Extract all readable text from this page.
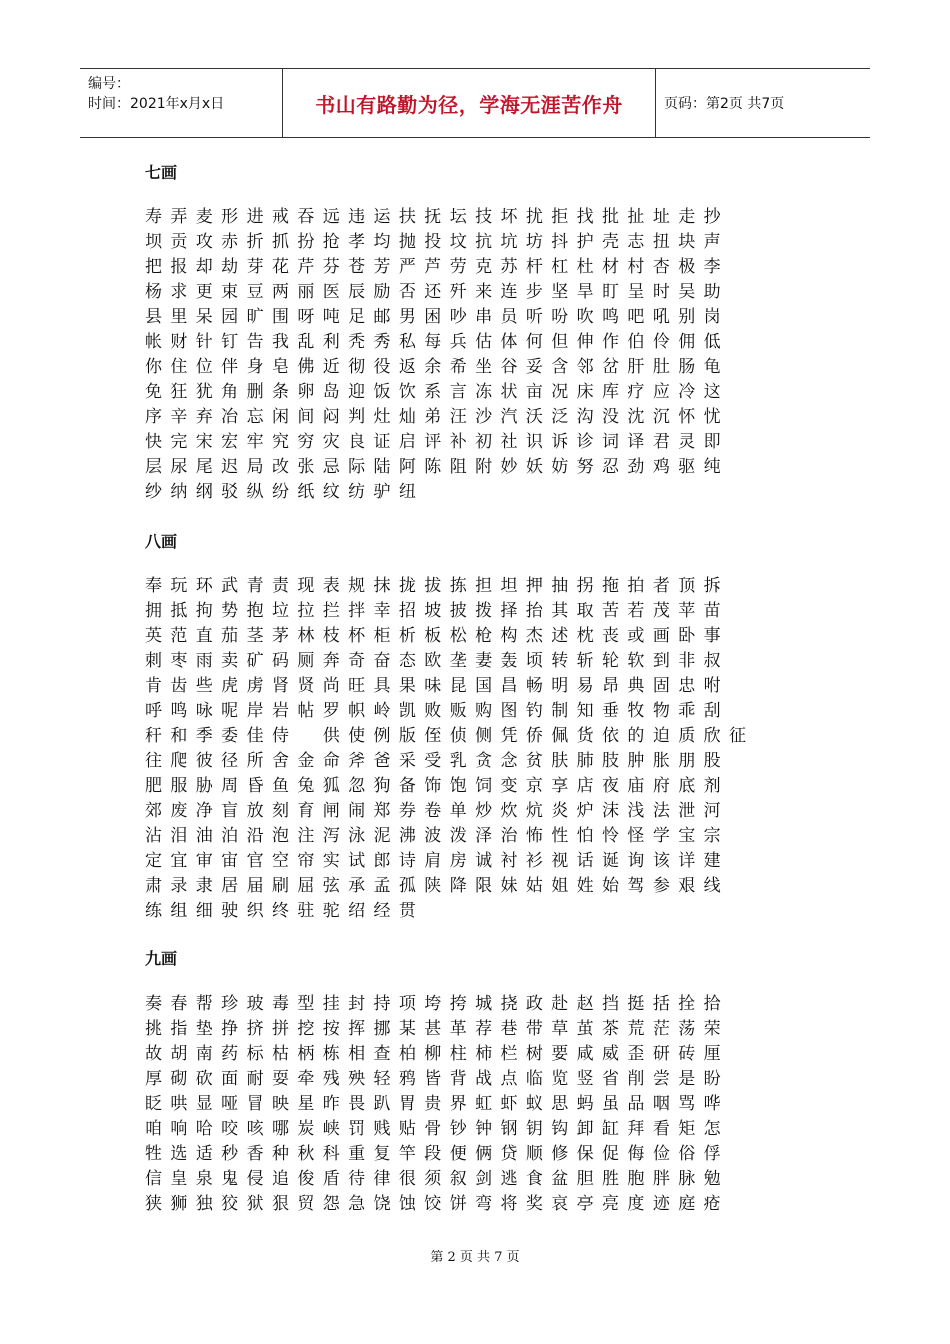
编号：
时间：2021年x月x日	书山有路勤为径，学海无涯苦作舟	页码：第2页 共7页
七画
寿 弄 麦 形 进 戒 吞 远 违 运 扶 抚 坛 技 坏 扰 拒 找 批 扯 址 走 抄
坝 贡 攻 赤 折 抓 扮 抢 孝 均 抛 投 坟 抗 坑 坊 抖 护 壳 志 扭 块 声
把 报 却 劫 芽 花 芹 芬 苍 芳 严 芦 劳 克 苏 杆 杠 杜 材 村 杏 极 李
杨 求 更 束 豆 两 丽 医 辰 励 否 还 歼 来 连 步 坚 旱 盯 呈 时 吴 助
县 里 呆 园 旷 围 呀 吨 足 邮 男 困 吵 串 员 听 吩 吹 鸣 吧 吼 别 岗
帐 财 针 钉 告 我 乱 利 秃 秀 私 每 兵 估 体 何 但 伸 作 伯 伶 佣 低
你 住 位 伴 身 皂 佛 近 彻 役 返 余 希 坐 谷 妥 含 邻 岔 肝 肚 肠 龟
免 狂 犹 角 删 条 卵 岛 迎 饭 饮 系 言 冻 状 亩 况 床 库 疗 应 冷 这
序 辛 弃 冶 忘 闲 间 闷 判 灶 灿 弟 汪 沙 汽 沃 泛 沟 没 沈 沉 怀 忧
快 完 宋 宏 牢 究 穷 灾 良 证 启 评 补 初 社 识 诉 诊 词 译 君 灵 即
层 尿 尾 迟 局 改 张 忌 际 陆 阿 陈 阻 附 妙 妖 妨 努 忍 劲 鸡 驱 纯
纱 纳 纲 驳 纵 纷 纸 纹 纺 驴 纽
八画
奉 玩 环 武 青 责 现 表 规 抹 拢 拔 拣 担 坦 押 抽 拐 拖 拍 者 顶 拆
拥 抵 拘 势 抱 垃 拉 拦 拌 幸 招 坡 披 拨 择 抬 其 取 苦 若 茂 苹 苗
英 范 直 茄 茎 茅 林 枝 杯 柜 析 板 松 枪 构 杰 述 枕 丧 或 画 卧 事
刺 枣 雨 卖 矿 码 厕 奔 奇 奋 态 欧 垄 妻 轰 顷 转 斩 轮 软 到 非 叔
肯 齿 些 虎 虏 肾 贤 尚 旺 具 果 味 昆 国 昌 畅 明 易 昂 典 固 忠 咐
呼 鸣 咏 呢 岸 岩 帖 罗 帜 岭 凯 败 贩 购 图 钓 制 知 垂 牧 物 乖 刮
秆 和 季 委 佳 侍 供 使 例 版 侄 侦 侧 凭 侨 佩 货 依 的 迫 质 欣 征
往 爬 彼 径 所 舍 金 命 斧 爸 采 受 乳 贪 念 贫 肤 肺 肢 肿 胀 朋 股
肥 服 胁 周 昏 鱼 兔 狐 忽 狗 备 饰 饱 饲 变 京 享 店 夜 庙 府 底 剂
郊 废 净 盲 放 刻 育 闸 闹 郑 券 卷 单 炒 炊 炕 炎 炉 沫 浅 法 泄 河
沾 泪 油 泊 沿 泡 注 泻 泳 泥 沸 波 泼 泽 治 怖 性 怕 怜 怪 学 宝 宗
定 宜 审 宙 官 空 帘 实 试 郎 诗 肩 房 诚 衬 衫 视 话 诞 询 该 详 建
肃 录 隶 居 届 刷 屈 弦 承 孟 孤 陕 降 限 妹 姑 姐 姓 始 驾 参 艰 线
练 组 细 驶 织 终 驻 驼 绍 经 贯
九画
奏 春 帮 珍 玻 毒 型 挂 封 持 项 垮 挎 城 挠 政 赴 赵 挡 挺 括 拴 拾
挑 指 垫 挣 挤 拼 挖 按 挥 挪 某 甚 革 荐 巷 带 草 茧 茶 荒 茫 荡 荣
故 胡 南 药 标 枯 柄 栋 相 查 柏 柳 柱 柿 栏 树 要 咸 威 歪 研 砖 厘
厚 砌 砍 面 耐 耍 牵 残 殃 轻 鸦 皆 背 战 点 临 览 竖 省 削 尝 是 盼
眨 哄 显 哑 冒 映 星 昨 畏 趴 胃 贵 界 虹 虾 蚁 思 蚂 虽 品 咽 骂 哗
咱 响 哈 咬 咳 哪 炭 峡 罚 贱 贴 骨 钞 钟 钢 钥 钩 卸 缸 拜 看 矩 怎
牲 选 适 秒 香 种 秋 科 重 复 竿 段 便 俩 贷 顺 修 保 促 侮 俭 俗 俘
信 皇 泉 鬼 侵 追 俊 盾 待 律 很 须 叙 剑 逃 食 盆 胆 胜 胞 胖 脉 勉
狭 狮 独 狡 狱 狠 贸 怨 急 饶 蚀 饺 饼 弯 将 奖 哀 亭 亮 度 迹 庭 疮
第 2 页 共 7 页
